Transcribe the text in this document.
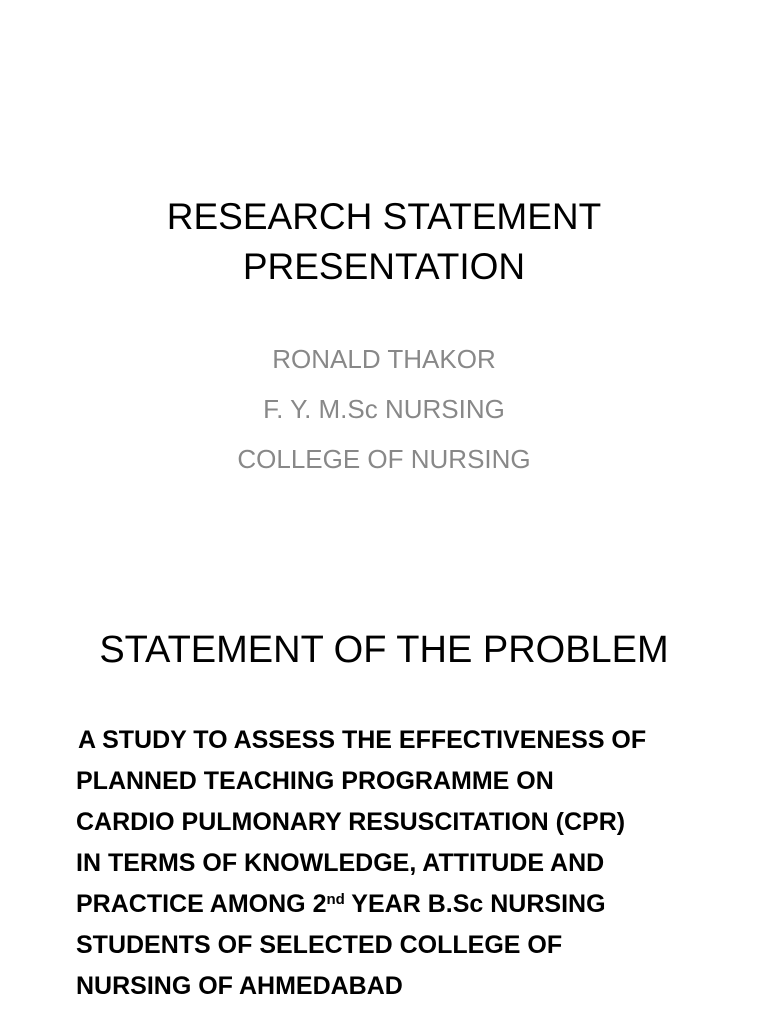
RESEARCH STATEMENT
PRESENTATION
RONALD THAKOR
F. Y. M.Sc NURSING
COLLEGE OF NURSING
STATEMENT OF THE PROBLEM
A STUDY TO ASSESS THE EFFECTIVENESS OF
PLANNED TEACHING PROGRAMME ON
CARDIO PULMONARY RESUSCITATION (CPR)
IN TERMS OF KNOWLEDGE, ATTITUDE AND
PRACTICE AMONG 2nd YEAR B.Sc NURSING
STUDENTS OF SELECTED COLLEGE OF
NURSING OF AHMEDABAD
